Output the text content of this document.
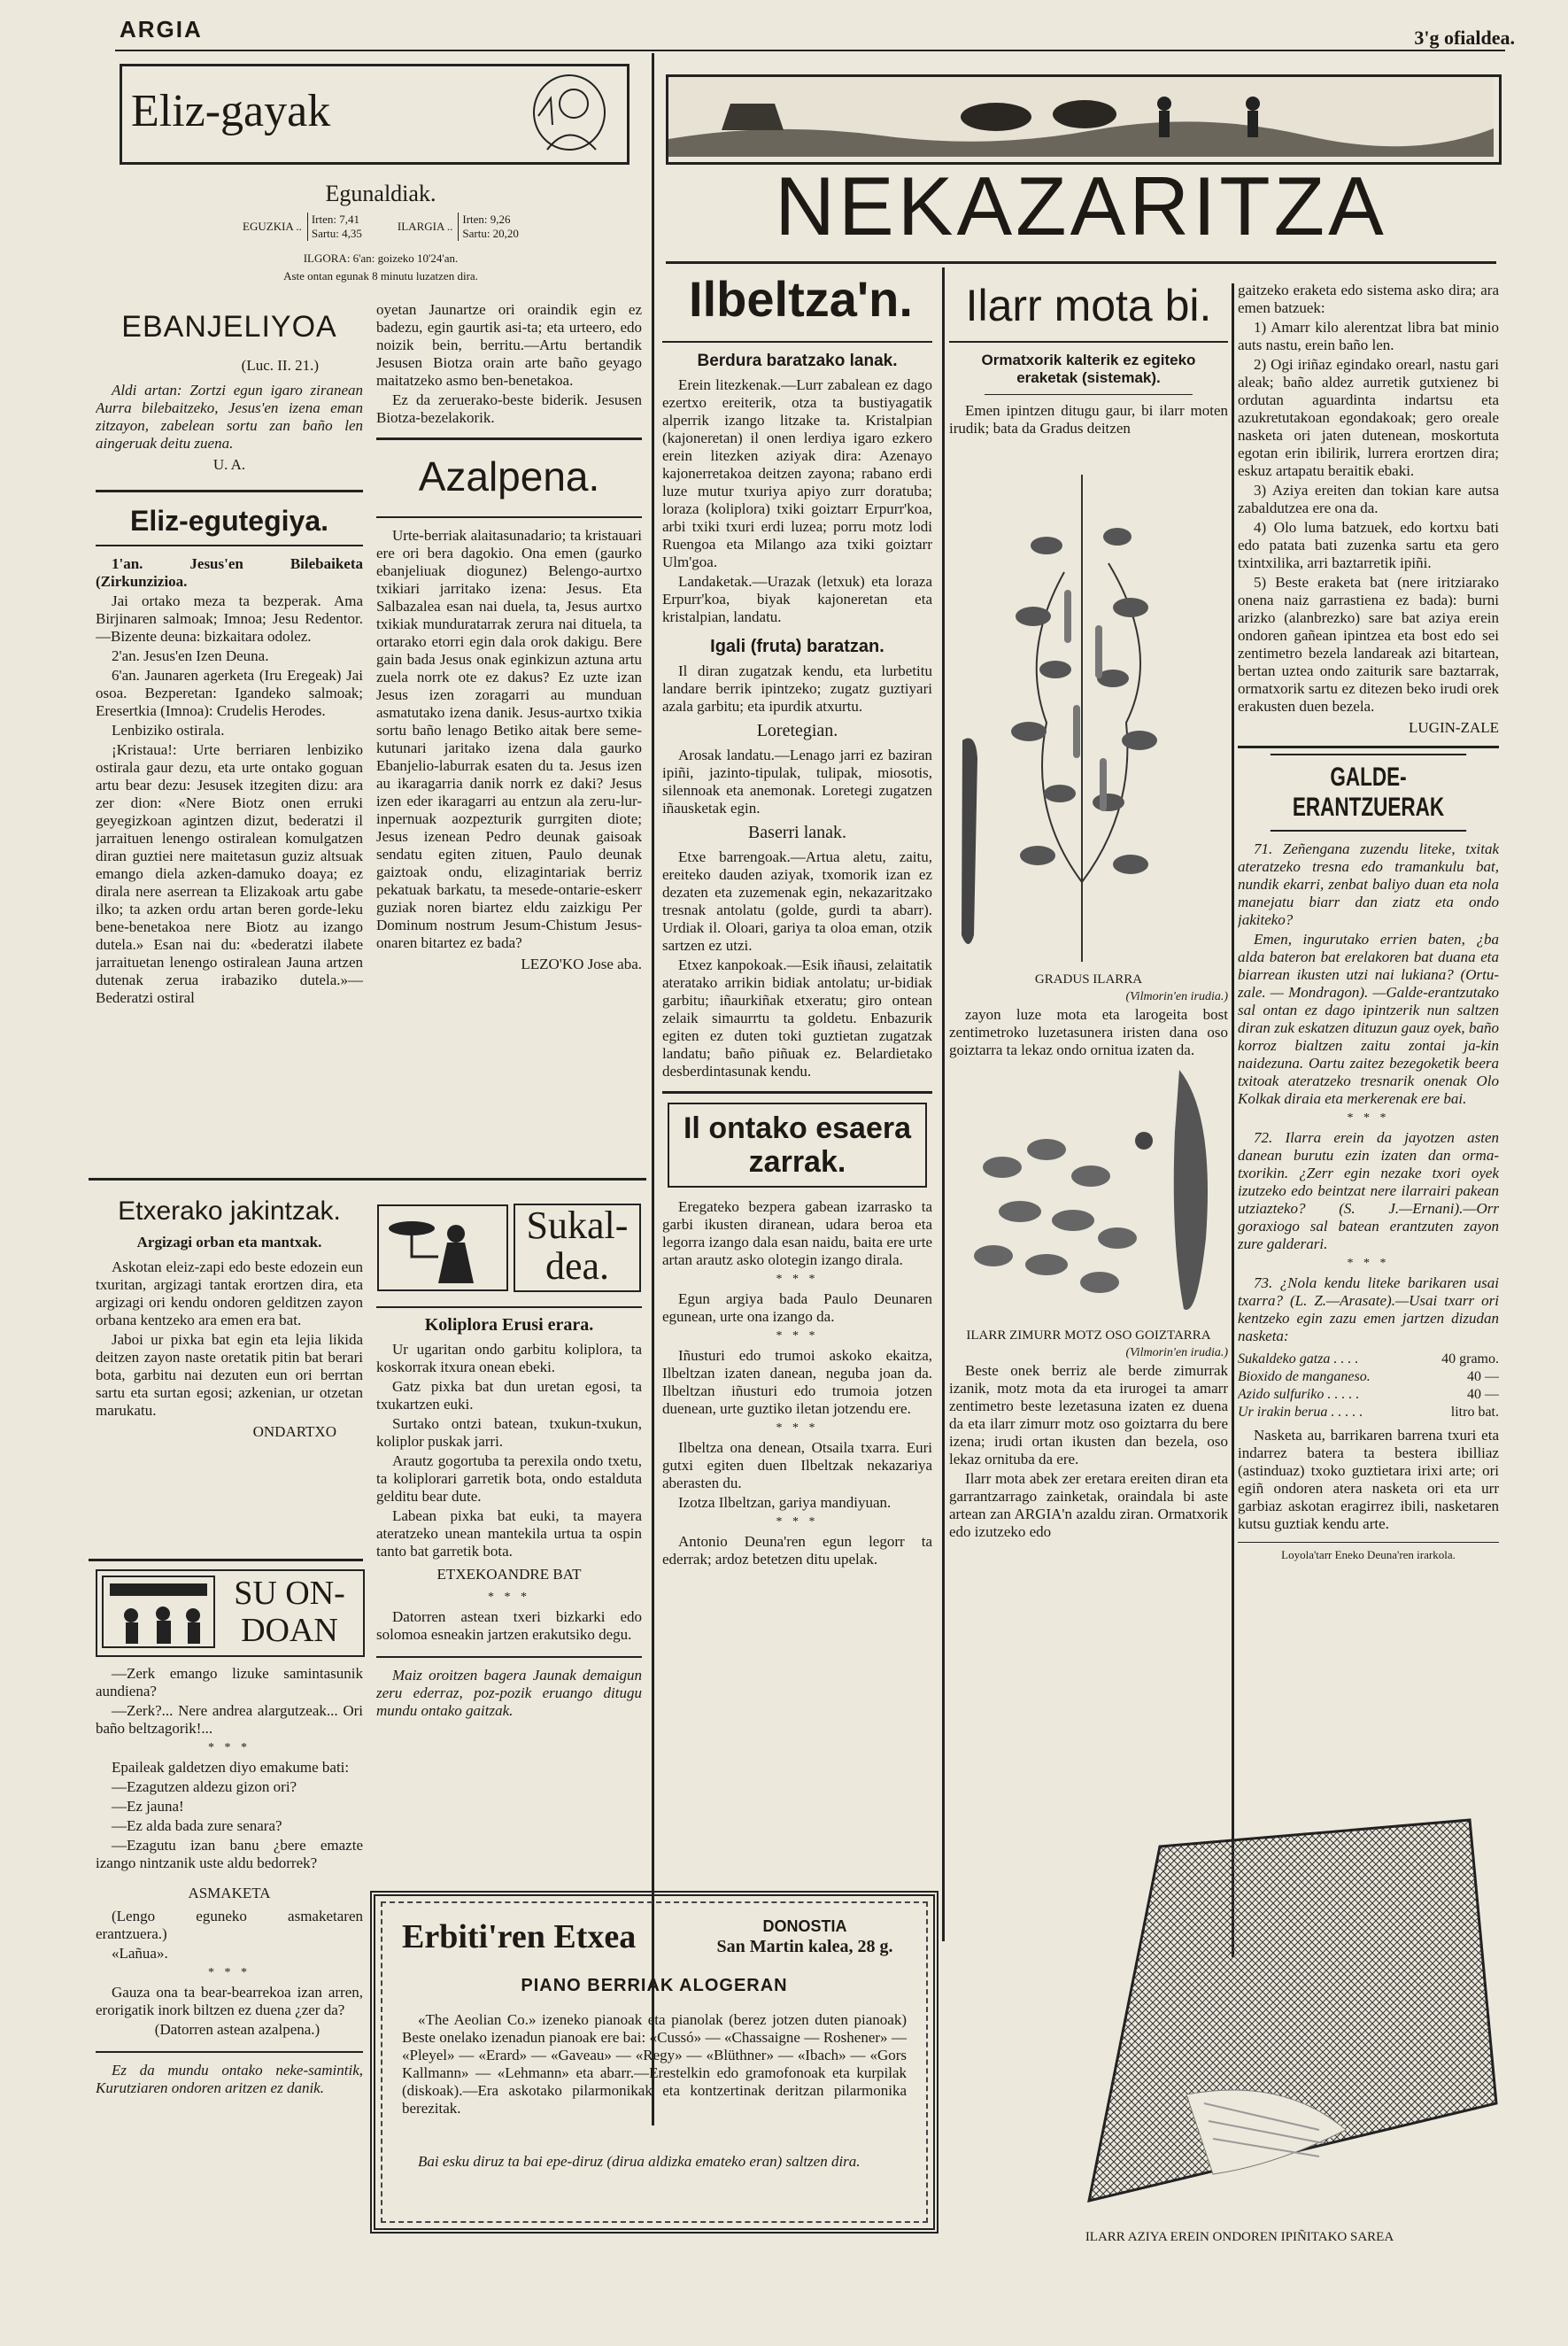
ARGIA	3'g ofialdea.
Eliz-gayak
Egunaldiak.
EGUZKIA ..
Irten: 7,41
Sartu: 4,35
ILARGIA ..
Irten: 9,26
Sartu: 20,20
ILGORA: 6'an: goizeko 10'24'an.
Aste ontan egunak 8 minutu luzatzen dira.
EBANJELIYOA
(Luc. II. 21.)

Aldi artan: Zortzi egun igaro ziranean Aurra bilebaitzeko, Jesus'en izena eman zitzayon, zabelean sortu zan baño len aingeruak deitu zuena.

U. A.
Eliz-egutegiya.

1'an. Jesus'en Bilebaiketa (Zirkunzizioa.

Jai ortako meza ta bezperak. Ama Birjinaren salmoak; Imnoa; Jesu Redentor.—Bizente deuna: bizkaitara odolez.

2'an. Jesus'en Izen Deuna.

6'an. Jaunaren agerketa (Iru Eregeak) Jai osoa. Bezperetan: Igandeko salmoak; Eresertkia (Imnoa): Crudelis Herodes.

Lenbiziko ostirala.

¡Kristaua!: Urte berriaren lenbiziko ostirala gaur dezu, eta urte ontako goguan artu bear dezu: Jesusek itzegiten dizu: ara zer dion: «Nere Biotz onen erruki geyegizkoan agintzen dizut, bederatzi il jarraituen lenengo ostiralean komulgatzen diran guztiei nere maitetasun guziz altsuak emango diela azken-damuko doaya; ez dirala nere aserrean ta Elizakoak artu gabe ilko; ta azken ordu artan beren gorde-leku bene-benetakoa nere Biotz au izango dutela.» Esan nai du: «bederatzi ilabete jarraituetan lenengo ostiralean Jauna artzen dutenak zerua irabaziko dutela.»—Bederatzi ostiral

oyetan Jaunartze ori oraindik egin ez badezu, egin gaurtik asi-ta; eta urteero, edo noizik bein, berritu.—Artu bertandik Jesusen Biotza orain arte baño geyago maitatzeko asmo ben-benetakoa.

Ez da zeruerako-beste biderik. Jesusen Biotza-bezelakorik.

Azalpena.

Urte-berriak alaitasunadario; ta kristauari ere ori bera dagokio. Ona emen (gaurko ebanjeliuak diogunez) Belengo-aurtxo txikiari jarritako izena: Jesus. Eta Salbazalea esan nai duela, ta, Jesus aurtxo txikiak munduratarrak zerura nai dituela, ta ortarako etorri egin dala orok dakigu. Bere gain bada Jesus onak eginkizun aztuna artu zuela norrk ote ez dakus? Ez uzte izan Jesus izen zoragarri au munduan asmatutako izena danik. Jesus-aurtxo txikia sortu baño lenago Betiko aitak bere seme-kutunari jaritako izena dala gaurko Ebanjelio-laburrak esaten du ta. Jesus izen au ikaragarria danik norrk ez daki? Jesus izen eder ikaragarri au entzun ala zeru-lur-inpernuak aozpezturik gurrgiten diote; Jesus izenean Pedro deunak gaisoak sendatu egiten zituen, Paulo deunak gaiztoak ondu, elizagintariak berriz pekatuak barkatu, ta mesede-ontarie-eskerr guziak noren biartez eldu zaizkigu Per Dominum nostrum Jesum-Chistum Jesus-onaren bitartez ez bada?

LEZO'KO Jose aba.
Etxerako jakintzak.
Argizagi orban eta mantxak.

Askotan eleiz-zapi edo beste edozein eun txuritan, argizagi tantak erortzen dira, eta argizagi ori kendu ondoren gelditzen zayon orbana kentzeko ara emen era bat.

Jaboi ur pixka bat egin eta lejia likida deitzen zayon naste oretatik pitin bat berari bota, garbitu nai dezuten eun ori berrtan sartu eta surtan egosi; azkenian, ur otzetan marukatu.

ONDARTXO
SU ON- DOAN

—Zerk emango lizuke samintasunik aundiena?

—Zerk?... Nere andrea alargutzeak... Ori baño beltzagorik!...

* * *

Epaileak galdetzen diyo emakume bati:

—Ezagutzen aldezu gizon ori?

—Ez jauna!

—Ez alda bada zure senara?

—Ezagutu izan banu ¿bere emazte izango nintzanik uste aldu bedorrek?

ASMAKETA

(Lengo eguneko asmaketaren erantzuera.)

«Lañua».

* * *

Gauza ona ta bear-bearrekoa izan arren, erorigatik inork biltzen ez duena ¿zer da?

(Datorren astean azalpena.)

Ez da mundu ontako neke-samintik, Kurutziaren ondoren aritzen ez danik.

Sukal- dea.
Koliplora Erusi erara.

Ur ugaritan ondo garbitu koliplora, ta koskorrak itxura onean ebeki.

Gatz pixka bat dun uretan egosi, ta txukartzen euki.

Surtako ontzi batean, txukun-txukun, koliplor puskak jarri.

Arautz gogortuba ta perexila ondo txetu, ta koliplorari garretik bota, ondo estalduta gelditu bear dute.

Labean pixka bat euki, ta mayera ateratzeko unean mantekila urtua ta ospin tanto bat garretik bota.

ETXEKOANDRE BAT
* * *

Datorren astean txeri bizkarki edo solomoa esneakin jartzen erakutsiko degu.

Maiz oroitzen bagera Jaunak demaigun zeru ederraz, poz-pozik eruango ditugu mundu ontako gaitzak.

Erbiti'ren Etxea	DONOSTIA
San Martin kalea, 28 g.
PIANO BERRIAK ALOGERAN
«The Aeolian Co.» izeneko pianoak eta pianolak (berez jotzen duten pianoak) Beste onelako izenadun pianoak ere bai: «Cussó» — «Chassaigne — Roshener» — «Pleyel» — «Erard» — «Gaveau» — «Regy» — «Blüthner» — «Ibach» — «Gors Kallmann» — «Lehmann» eta abarr.—Erestelkin edo gramofonoak eta kurpilak (diskoak).—Era askotako pilarmonikak eta kontzertinak deritzan pilarmonika berezitak.
Bai esku diruz ta bai epe-diruz (dirua aldizka emateko eran) saltzen dira.
NEKAZARITZA
Ilbeltza'n.	Ilarr mota bi.
Berdura baratzako lanak.

Erein litezkenak.—Lurr zabalean ez dago ezertxo ereiterik, otza ta bustiyagatik alperrik izango litzake ta. Kristalpian (kajoneretan) il onen lerdiya igaro ezkero erein litezken aziyak dira: Azenayo kajonerretakoa deitzen zayona; rabano erdi luze mutur txuriya apiyo zurr doratuba; loraza (koliplora) txiki goiztarr Erpurr'koa, arbi txiki txuri erdi luzea; porru motz lodi Ruengoa eta Milango aza txiki goiztarr Ulm'goa.

Landaketak.—Urazak (letxuk) eta loraza Erpurr'koa, biyak kajoneretan eta kristalpian, landatu.

Igali (fruta) baratzan.

Il diran zugatzak kendu, eta lurbetitu landare berrik ipintzeko; zugatz guztiyari azala garbitu; eta ipurdik atxurtu.

Loretegian.

Arosak landatu.—Lenago jarri ez baziran ipiñi, jazinto-tipulak, tulipak, miosotis, silennoak eta anemonak. Loretegi zugatzen iñausketak egin.

Baserri lanak.

Etxe barrengoak.—Artua aletu, zaitu, ereiteko dauden aziyak, txomorik izan ez dezaten eta zuzemenak egin, nekazaritzako tresnak antolatu (golde, gurdi ta abarr). Urdiak il. Oloari, gariya ta oloa eman, otzik sartzen ez utzi.

Etxez kanpokoak.—Esik iñausi, zelaitatik ateratako arrikin bidiak antolatu; ur-bidiak garbitu; iñaurkiñak etxeratu; giro ontean zelaik simaurrtu ta goldetu. Enbazurik egiten ez duten toki guztietan zugatzak landatu; baño piñuak ez. Belardietako desberdintasunak kendu.

Il ontako esaera zarrak.

Eregateko bezpera gabean izarrasko ta garbi ikusten diranean, udara beroa eta legorra izango dala esan naidu, baita ere urte artan arautz asko olotegin izango dirala.

* * *

Egun argiya bada Paulo Deunaren egunean, urte ona izango da.

* * *

Iñusturi edo trumoi askoko ekaitza, Ilbeltzan izaten danean, neguba joan da. Ilbeltzan iñusturi edo trumoia jotzen duenean, urte guztiko iletan jotzendu ere.

* * *

Ilbeltza ona denean, Otsaila txarra. Euri gutxi egiten duen Ilbeltzak nekazariya aberasten du.

Izotza Ilbeltzan, gariya mandiyuan.

* * *

Antonio Deuna'ren egun legorr ta ederrak; ardoz betetzen ditu upelak.

Ormatxorik kalterik ez egiteko eraketak (sistemak).

Emen ipintzen ditugu gaur, bi ilarr moten irudik; bata da Gradus deitzen

GRADUS ILARRA
(Vilmorin'en irudia.)

zayon luze mota eta larogeita bost zentimetroko luzetasunera iristen dana oso goiztarra ta lekaz ondo ornitua izaten da.

ILARR ZIMURR MOTZ OSO GOIZTARRA
(Vilmorin'en irudia.)

Beste onek berriz ale berde zimurrak izanik, motz mota da eta irurogei ta amarr zentimetro beste lezetasuna izaten ez duena da eta ilarr zimurr motz oso goiztarra du bere izena; irudi ortan ikusten dan bezela, oso lekaz ornituba da ere.

Ilarr mota abek zer eretara ereiten diran eta garrantzarrago zainketak, oraindala bi aste artean zan ARGIA'n azaldu ziran. Ormatxorik edo izutzeko edo

gaitzeko eraketa edo sistema asko dira; ara emen batzuek:

1) Amarr kilo alerentzat libra bat minio auts nastu, erein baño len.

2) Ogi iriñaz egindako orearl, nastu gari aleak; baño aldez aurretik gutxienez bi ordutan aguardinta indartsu eta azukretutakoan egondakoak; gero oreale nasketa ori jaten dutenean, moskortuta egotan erin ibilirik, lurrera erortzen dira; eskuz artapatu beraitik ebaki.

3) Aziya ereiten dan tokian kare autsa zabaldutzea ere ona da.

4) Olo luma batzuek, edo kortxu bati edo patata bati zuzenka sartu eta gero txintxilika, arri baztarretik ipiñi.

5) Beste eraketa bat (nere iritziarako onena naiz garrastiena ez bada): burni arizko (alanbrezko) sare bat aziya erein ondoren gañean ipintzea eta bost edo sei zentimetro bezela landareak azi bitartean, bertan uztea ondo zaiturik sare baztarrak, ormatxorik sartu ez ditezen beko irudi orek erakusten duen bezela.

LUGIN-ZALE
GALDE-ERANTZUERAK

71. Zeñengana zuzendu liteke, txitak ateratzeko tresna edo tramankulu bat, nundik ekarri, zenbat baliyo duan eta nola manejatu biarr dan ziatz eta ondo jakiteko?

Emen, ingurutako errien baten, ¿ba alda bateron bat erelakoren bat duana eta biarrean ikusten utzi nai lukiana? (Ortu-zale. — Mondragon). —Galde-erantzutako sal ontan ez dago ipintzerik nun saltzen diran zuk eskatzen dituzun gauz oyek, baño korroz bialtzen zaitu zontai ja-kin naidezuna. Oartu zaitez bezegoketik beera txitoak ateratzeko tresnarik onenak Olo Kolkak diraia eta merkerenak ere bai.

* * *

72. Ilarra erein da jayotzen asten danean burutu ezin izaten dan orma-txorikin. ¿Zerr egin nezake txori oyek izutzeko edo beintzat nere ilarrairi pakean utziazteko? (S. J.—Ernani).—Orr goraxiogo sal batean erantzuten zayon zure galderari.

* * *

73. ¿Nola kendu liteke barikaren usai txarra? (L. Z.—Arasate).—Usai txarr ori kentzeko egin zazu emen jartzen dizudan nasketa:

Sukaldeko gatza . . . .	40 gramo.
Bioxido de manganeso.	40 —
Azido sulfuriko . . . . .	40 —
Ur irakin berua . . . . .	litro bat.

Nasketa au, barrikaren barrena txuri eta indarrez batera ta bestera ibilliaz (astinduaz) txoko guztietara irixi arte; ori egiñ ondoren atera nasketa ori eta urr garbiaz askotan eragirrez ibili, nasketaren kutsu guztiak kendu arte.

Loyola'tarr Eneko Deuna'ren irarkola.
ILARR AZIYA EREIN ONDOREN IPIÑITAKO SAREA
